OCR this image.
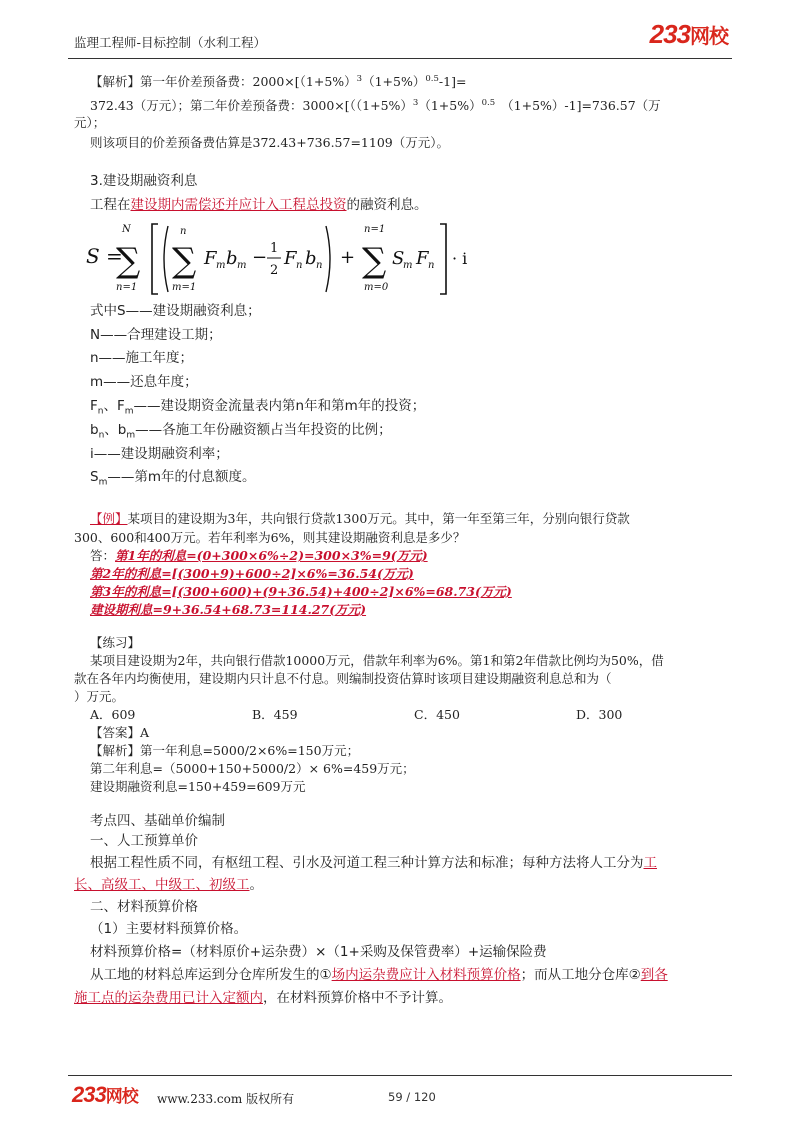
监理工程师-目标控制（水利工程）	233网校
【解析】第一年价差预备费：$2000\times[(1+5\%)^3(1+5\%)^{0.5}-1]=$
372.43（万元）；第二年价差预备费：$3000\times[((1+5\%)^3(1+5\%)^{0.5}$ （1+5%）-1]=736.57（万
元）；
则该项目的价差预备费估算是372.43+736.57=1109（万元）。
3.建设期融资利息
工程在建设期内需偿还并应计入工程总投资的融资利息。
S =
N
∑
n=1
n
∑
m=1
F m b m − 1
2
F n b n +
n=1
∑
m=0
S
m F n · i
式中S——建设期融资利息；
N——合理建设工期；
n——施工年度；
m——还息年度；
$F_n$、$F_m——$建设期资金流量表内第n年和第m年的投资；
$b_n$、$b_m——$各施工年份融资额占当年投资的比例；
i——建设期融资利率；
$S_m——$第m年的付息额度。
【例】某项目的建设期为3年，共向银行贷款1300万元。其中，第一年至第三年，分别向银行贷款
300、600和400万元。若年利率为6%，则其建设期融资利息是多少？
答：第1年的利息=(0+300×6%÷2)=300×3%=9(万元)
第2年的利息=[(300+9)+600÷2]×6%=36.54(万元)
第3年的利息=[(300+600)+(9+36.54)+400÷2]×6%=68.73(万元)
建设期利息=9+36.54+68.73=114.27(万元)
【练习】
某项目建设期为2年，共向银行借款10000万元，借款年利率为6%。第1和第2年借款比例均为50%，借
款在各年内均衡使用，建设期内只计息不付息。则编制投资估算时该项目建设期融资利息总和为（
）万元。
A．609	B．459	C．450	D．300
【答案】A
【解析】第一年利息=5000/2×6%=150万元；
第二年利息=（5000+150+5000/2）× 6%=459万元；
建设期融资利息=150+459=609万元
考点四、基础单价编制
一、人工预算单价
根据工程性质不同，有枢纽工程、引水及河道工程三种计算方法和标准；每种方法将人工分为工
长、高级工、中级工、初级工。
二、材料预算价格
（1）主要材料预算价格。
材料预算价格=（材料原价+运杂费）×（1+采购及保管费率）+运输保险费
从工地的材料总库运到分仓库所发生的①场内运杂费应计入材料预算价格；而从工地分仓库②到各
施工点的运杂费用已计入定额内，在材料预算价格中不予计算。
233网校 www.233.com 版权所有	59 / 120
